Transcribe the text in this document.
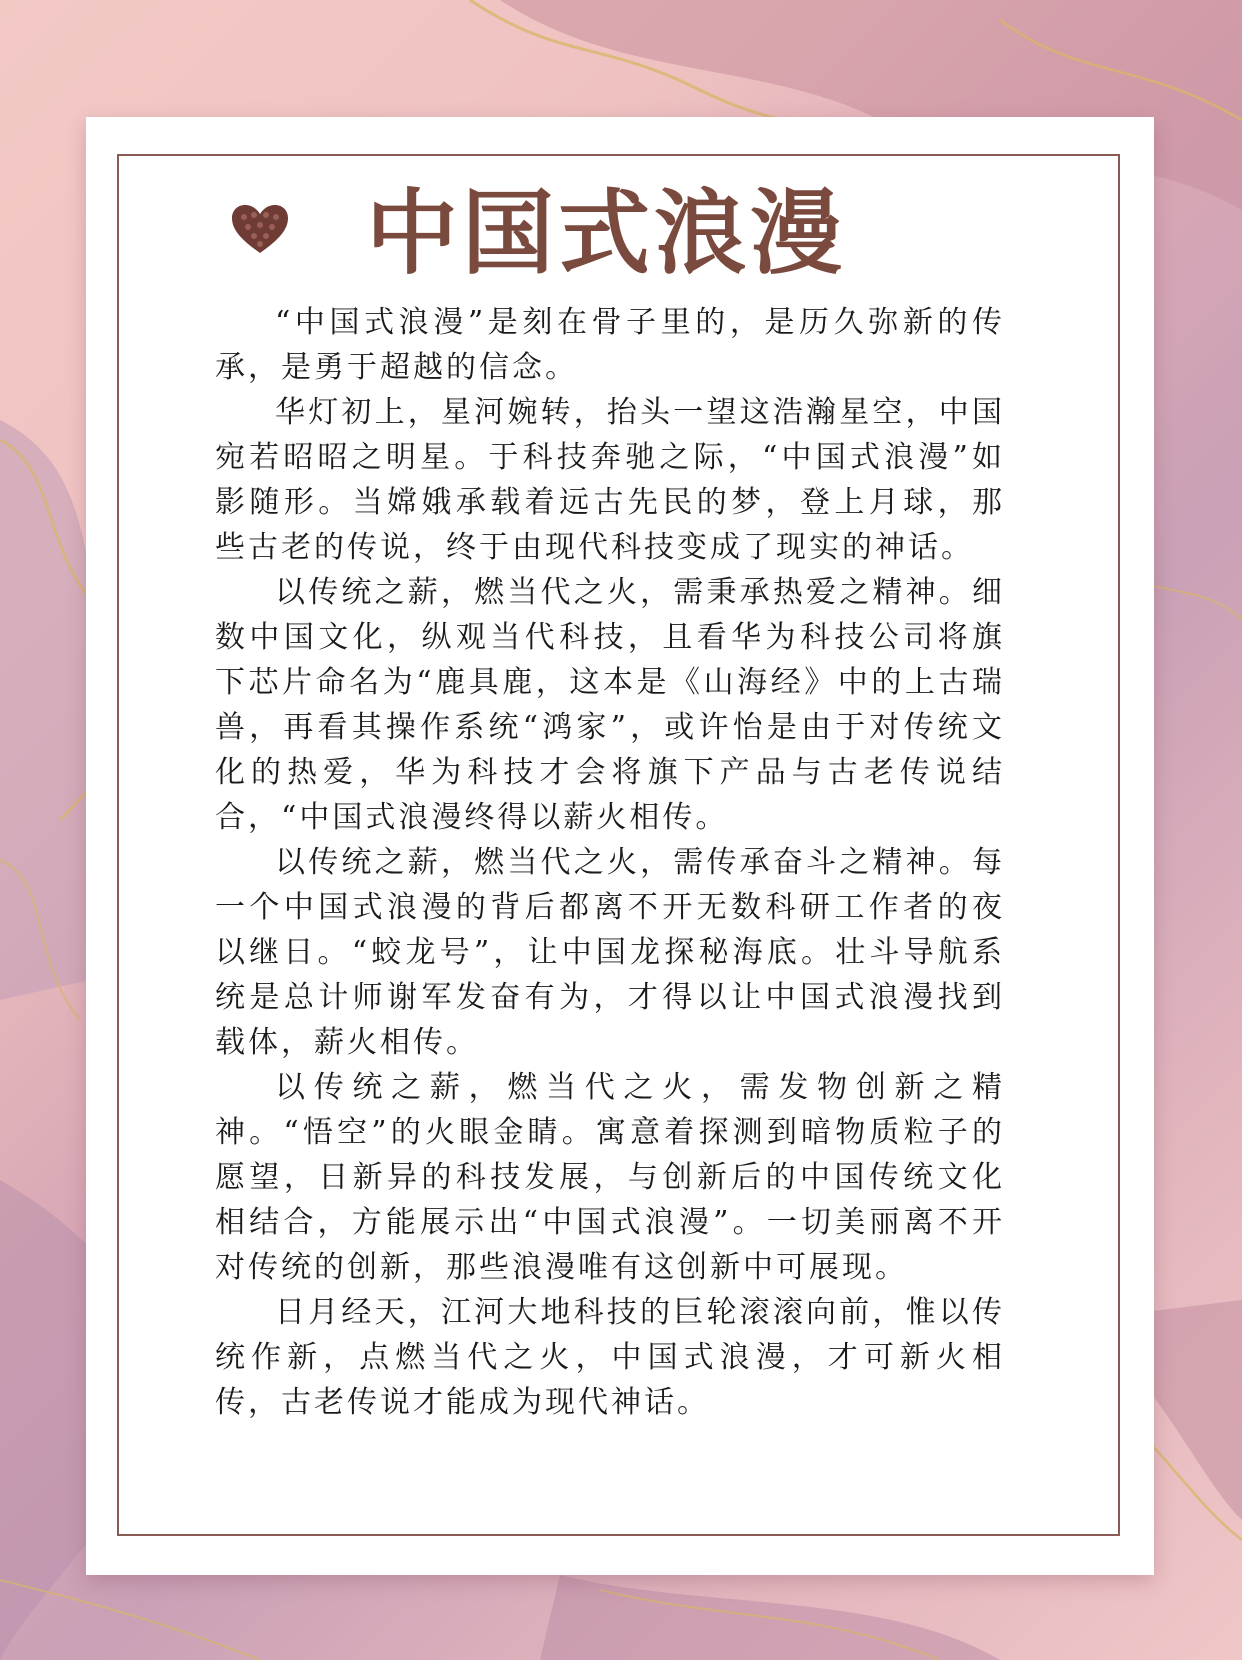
中国式浪漫

“中国式浪漫”是刻在骨子里的，是历久弥新的传承，是勇于超越的信念。

华灯初上，星河婉转，抬头一望这浩瀚星空，中国宛若昭昭之明星。于科技奔驰之际，“中国式浪漫”如影随形。当嫦娥承载着远古先民的梦，登上月球，那些古老的传说，终于由现代科技变成了现实的神话。

以传统之薪，燃当代之火，需秉承热爱之精神。细数中国文化，纵观当代科技，且看华为科技公司将旗下芯片命名为“鹿具鹿，这本是《山海经》中的上古瑞兽，再看其操作系统“鸿家”，或许怡是由于对传统文化的热爱，华为科技才会将旗下产品与古老传说结合，“中国式浪漫终得以薪火相传。

以传统之薪，燃当代之火，需传承奋斗之精神。每一个中国式浪漫的背后都离不开无数科研工作者的夜以继日。“蛟龙号”，让中国龙探秘海底。壮斗导航系统是总计师谢军发奋有为，才得以让中国式浪漫找到载体，薪火相传。

以传统之薪，燃当代之火，需发物创新之精神。“悟空”的火眼金睛。寓意着探测到暗物质粒子的愿望，日新异的科技发展，与创新后的中国传统文化相结合，方能展示出“中国式浪漫”。一切美丽离不开对传统的创新，那些浪漫唯有这创新中可展现。

日月经天，江河大地科技的巨轮滚滚向前，惟以传统作新，点燃当代之火，中国式浪漫，才可新火相传，古老传说才能成为现代神话。
